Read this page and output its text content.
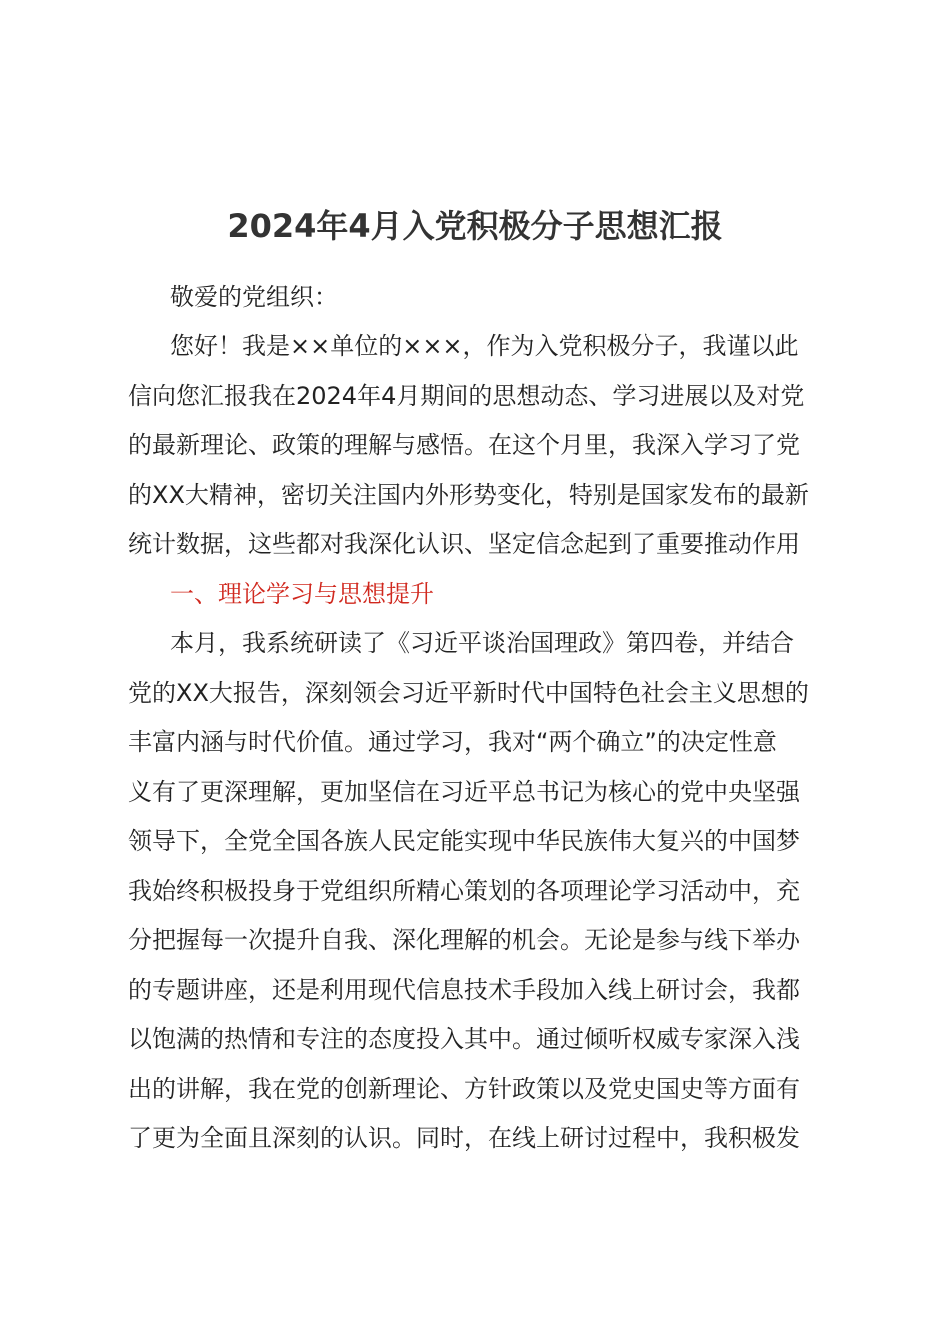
2024年4月入党积极分子思想汇报
敬爱的党组织：
您好！我是××单位的×××，作为入党积极分子，我谨以此
信向您汇报我在2024年4月期间的思想动态、学习进展以及对党
的最新理论、政策的理解与感悟。在这个月里，我深入学习了党
的XX大精神，密切关注国内外形势变化，特别是国家发布的最新
统计数据，这些都对我深化认识、坚定信念起到了重要推动作用
一、理论学习与思想提升
本月，我系统研读了《习近平谈治国理政》第四卷，并结合
党的XX大报告，深刻领会习近平新时代中国特色社会主义思想的
丰富内涵与时代价值。通过学习，我对“两个确立”的决定性意
义有了更深理解，更加坚信在习近平总书记为核心的党中央坚强
领导下，全党全国各族人民定能实现中华民族伟大复兴的中国梦
我始终积极投身于党组织所精心策划的各项理论学习活动中，充
分把握每一次提升自我、深化理解的机会。无论是参与线下举办
的专题讲座，还是利用现代信息技术手段加入线上研讨会，我都
以饱满的热情和专注的态度投入其中。通过倾听权威专家深入浅
出的讲解，我在党的创新理论、方针政策以及党史国史等方面有
了更为全面且深刻的认识。同时，在线上研讨过程中，我积极发
